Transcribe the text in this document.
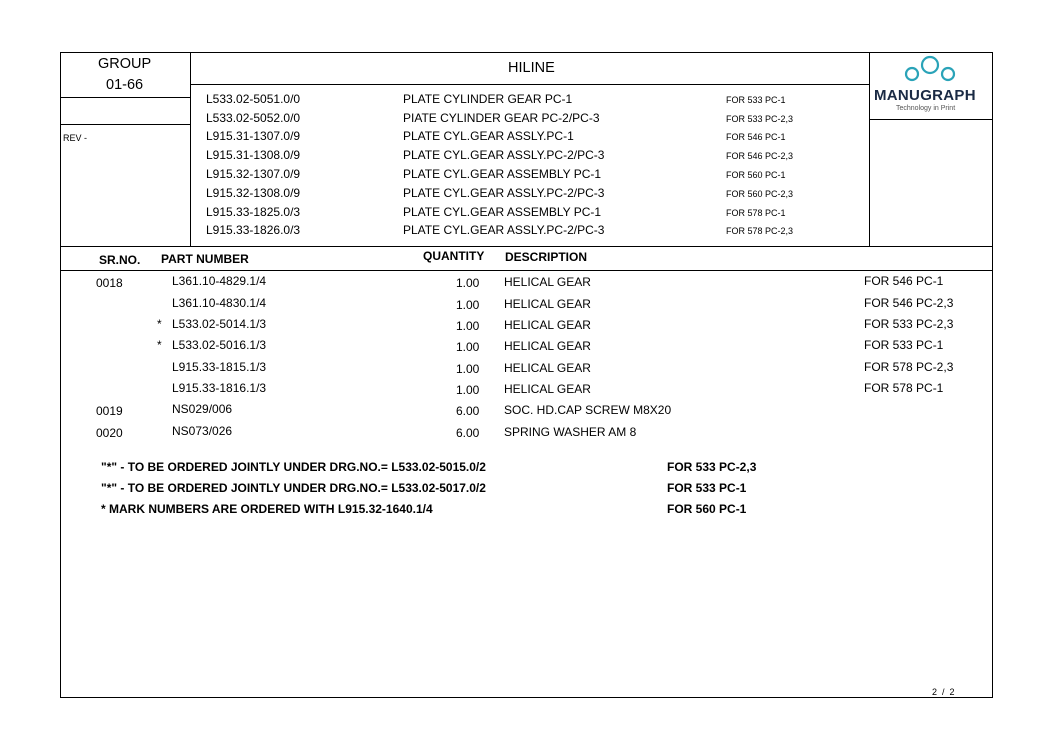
GROUP
01-66
REV -
HILINE
MANUGRAPH
Technology in Print
L533.02-5051.0/0	PLATE CYLINDER GEAR PC-1	FOR 533 PC-1
L533.02-5052.0/0	PIATE CYLINDER GEAR PC-2/PC-3	FOR 533 PC-2,3
L915.31-1307.0/9	PLATE CYL.GEAR ASSLY.PC-1	FOR 546 PC-1
L915.31-1308.0/9	PLATE CYL.GEAR ASSLY.PC-2/PC-3	FOR 546 PC-2,3
L915.32-1307.0/9	PLATE CYL.GEAR ASSEMBLY PC-1	FOR 560 PC-1
L915.32-1308.0/9	PLATE CYL.GEAR ASSLY.PC-2/PC-3	FOR 560 PC-2,3
L915.33-1825.0/3	PLATE CYL.GEAR ASSEMBLY PC-1	FOR 578 PC-1
L915.33-1826.0/3	PLATE CYL.GEAR ASSLY.PC-2/PC-3	FOR 578 PC-2,3
SR.NO. PART NUMBER	QUANTITY DESCRIPTION
0018	L361.10-4829.1/4	1.00 HELICAL GEAR	FOR 546 PC-1
L361.10-4830.1/4	1.00 HELICAL GEAR	FOR 546 PC-2,3
* L533.02-5014.1/3	1.00 HELICAL GEAR	FOR 533 PC-2,3
* L533.02-5016.1/3	1.00 HELICAL GEAR	FOR 533 PC-1
L915.33-1815.1/3	1.00 HELICAL GEAR	FOR 578 PC-2,3
L915.33-1816.1/3	1.00 HELICAL GEAR	FOR 578 PC-1
0019	NS029/006	6.00 SOC. HD.CAP SCREW M8X20
0020	NS073/026	6.00 SPRING WASHER AM 8
"*" - TO BE ORDERED JOINTLY UNDER DRG.NO.= L533.02-5015.0/2	FOR 533 PC-2,3
"*" - TO BE ORDERED JOINTLY UNDER DRG.NO.= L533.02-5017.0/2	FOR 533 PC-1
* MARK NUMBERS ARE ORDERED WITH L915.32-1640.1/4	FOR 560 PC-1
2  /  2
